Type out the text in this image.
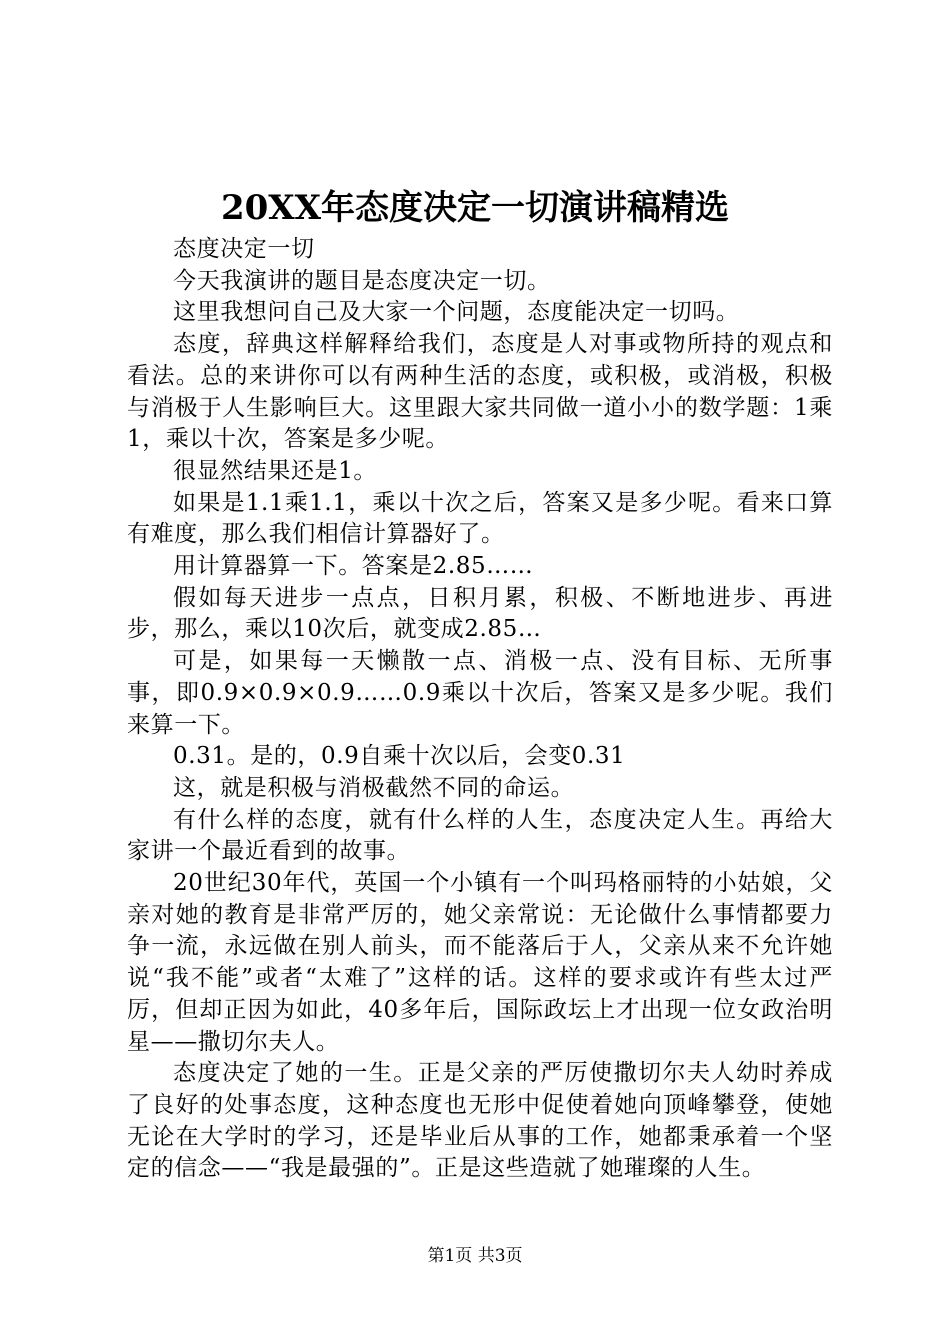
20XX年态度决定一切演讲稿精选

态度决定一切

今天我演讲的题目是态度决定一切。

这里我想问自己及大家一个问题，态度能决定一切吗。

态度，辞典这样解释给我们，态度是人对事或物所持的观点和看法。总的来讲你可以有两种生活的态度，或积极，或消极，积极与消极于人生影响巨大。这里跟大家共同做一道小小的数学题：1乘1，乘以十次，答案是多少呢。

很显然结果还是1。

如果是1.1乘1.1，乘以十次之后，答案又是多少呢。看来口算有难度，那么我们相信计算器好了。

用计算器算一下。答案是2.85……

假如每天进步一点点，日积月累，积极、不断地进步、再进步，那么，乘以10次后，就变成2.85…

可是，如果每一天懒散一点、消极一点、没有目标、无所事事，即0.9×0.9×0.9……0.9乘以十次后，答案又是多少呢。我们来算一下。

0.31。是的，0.9自乘十次以后，会变0.31

这，就是积极与消极截然不同的命运。

有什么样的态度，就有什么样的人生，态度决定人生。再给大家讲一个最近看到的故事。

20世纪30年代，英国一个小镇有一个叫玛格丽特的小姑娘，父亲对她的教育是非常严厉的，她父亲常说：无论做什么事情都要力争一流，永远做在别人前头，而不能落后于人，父亲从来不允许她说“我不能”或者“太难了”这样的话。这样的要求或许有些太过严厉，但却正因为如此，40多年后，国际政坛上才出现一位女政治明星——撒切尔夫人。

态度决定了她的一生。正是父亲的严厉使撒切尔夫人幼时养成了良好的处事态度，这种态度也无形中促使着她向顶峰攀登，使她无论在大学时的学习，还是毕业后从事的工作，她都秉承着一个坚定的信念——“我是最强的”。正是这些造就了她璀璨的人生。

第1页 共3页
